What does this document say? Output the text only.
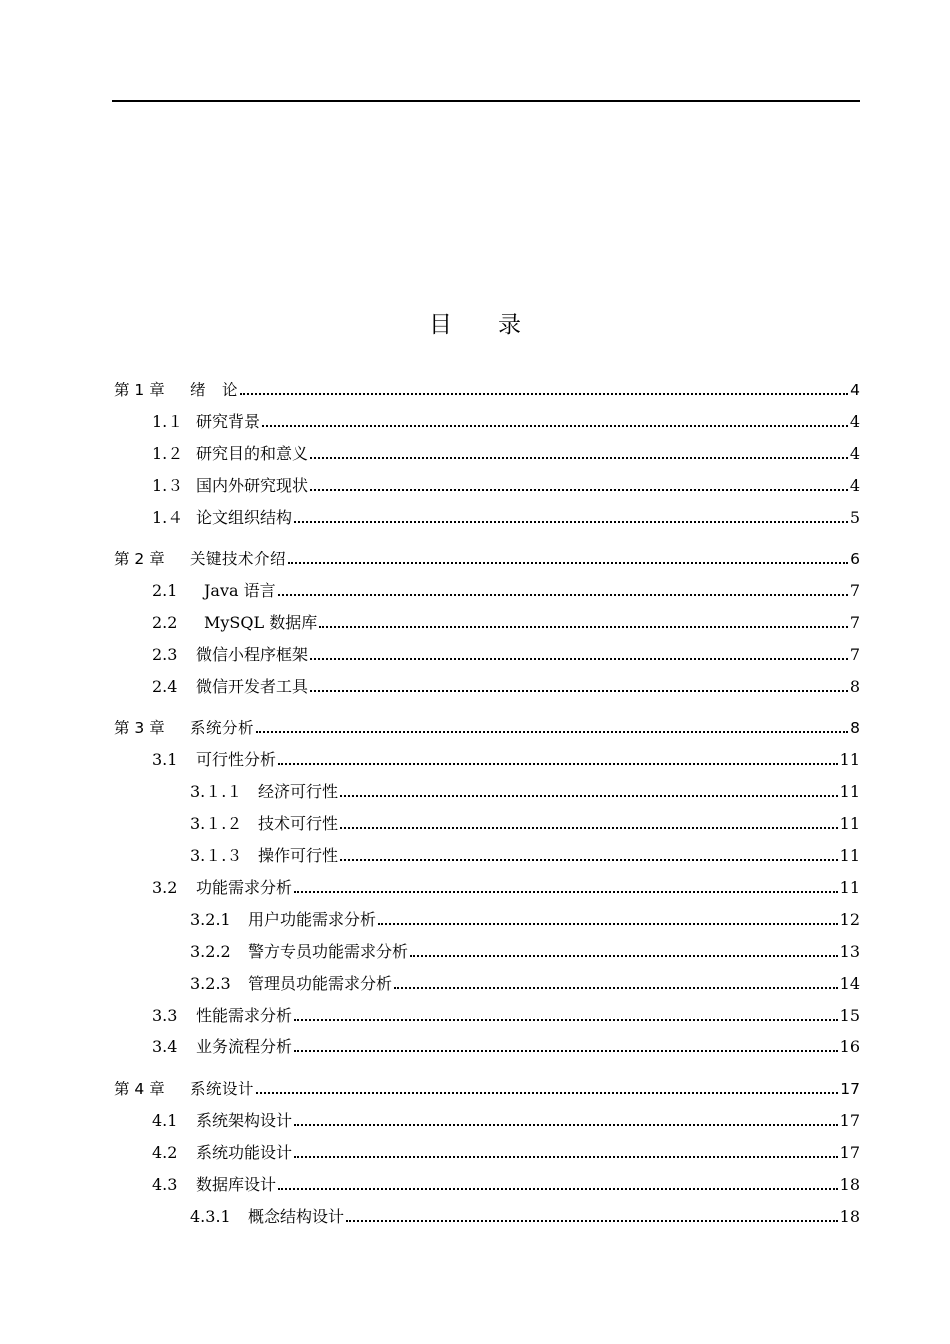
目 录
第 1 章	绪　论	4
1.１ 研究背景	4
1.２ 研究目的和意义	4
1.３ 国内外研究现状	4
1.４ 论文组织结构	5
第 2 章	关键技术介绍	6
2.1	Java 语言	7
2.2	MySQL 数据库	7
2.3	微信小程序框架	7
2.4	微信开发者工具	8
第 3 章	系统分析	8
3.1	可行性分析	11
3.１.１ 经济可行性	11
3.１.２ 技术可行性	11
3.１.３ 操作可行性	11
3.2	功能需求分析	11
3.2.1	用户功能需求分析	12
3.2.2	警方专员功能需求分析	13
3.2.3	管理员功能需求分析	14
3.3	性能需求分析	15
3.4	业务流程分析	16
第 4 章	系统设计	17
4.1	系统架构设计	17
4.2	系统功能设计	17
4.3	数据库设计	18
4.3.1	概念结构设计	18
